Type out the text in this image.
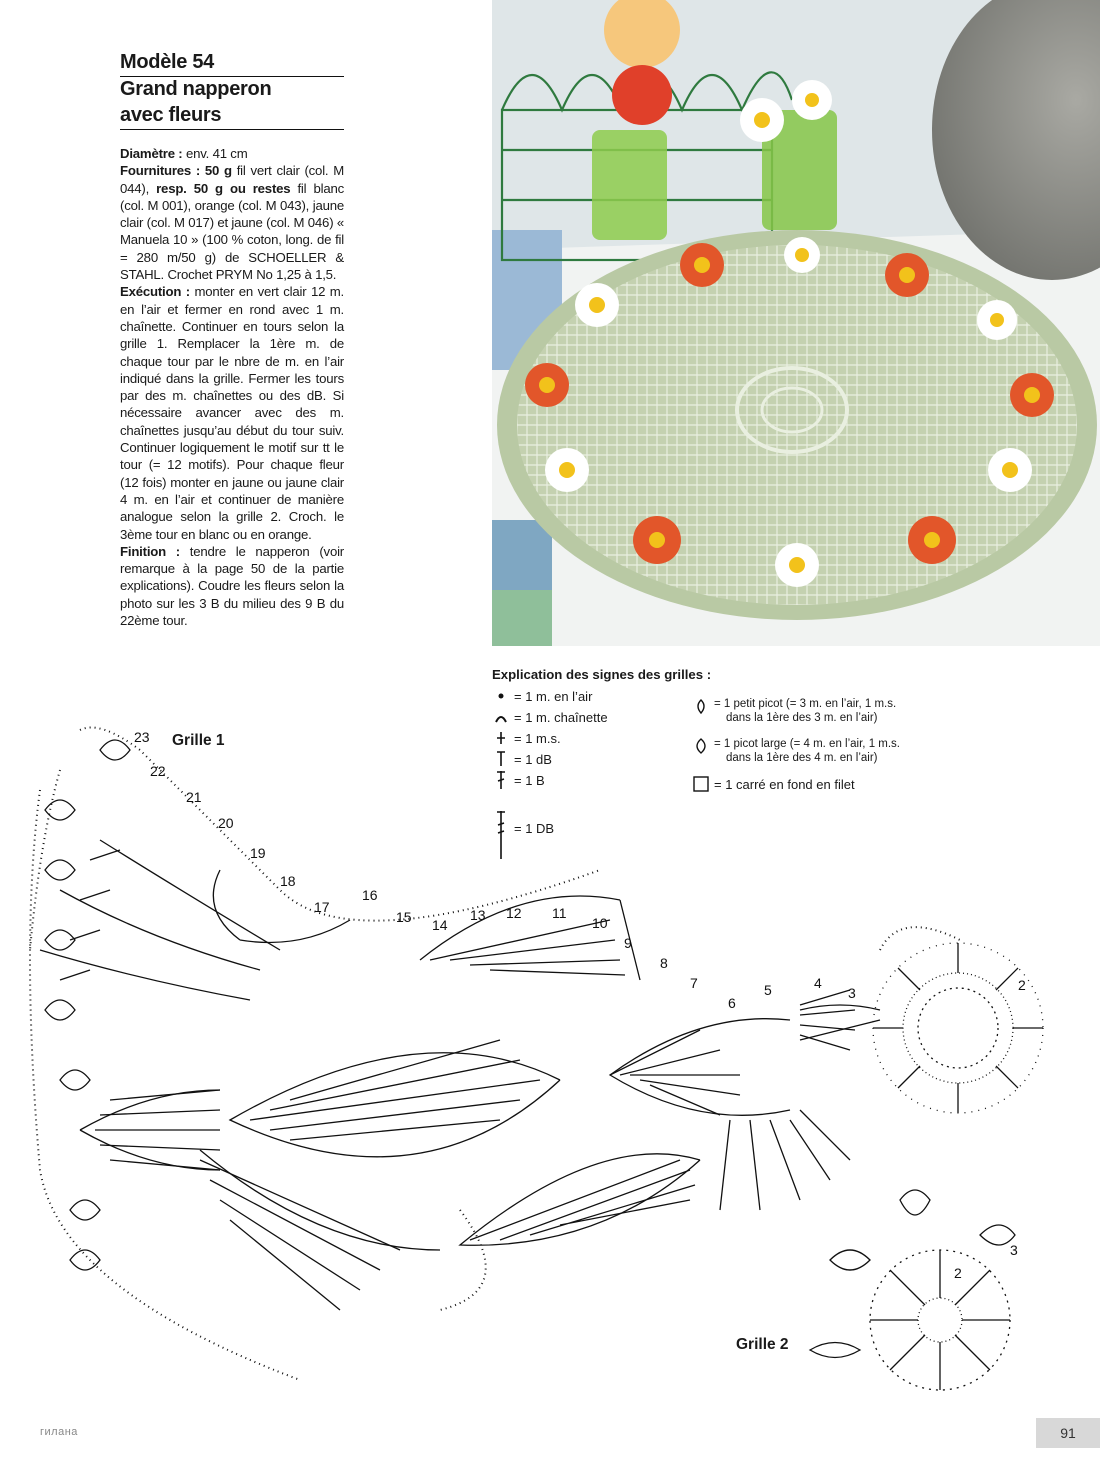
Modèle 54
Grand napperon
avec fleurs

Diamètre : env. 41 cm

Fournitures : 50 g fil vert clair (col. M 044), resp. 50 g ou restes fil blanc (col. M 001), orange (col. M 043), jaune clair (col. M 017) et jaune (col. M 046) « Manuela 10 » (100 % coton, long. de fil = 280 m/50 g) de SCHOELLER & STAHL. Crochet PRYM No 1,25 à 1,5.

Exécution : monter en vert clair 12 m. en l’air et fermer en rond avec 1 m. chaînette. Continuer en tours selon la grille 1. Remplacer la 1ère m. de chaque tour par le nbre de m. en l’air indiqué dans la grille. Fermer les tours par des m. chaînettes ou des dB. Si nécessaire avancer avec des m. chaînettes jusqu’au début du tour suiv. Continuer logiquement le motif sur tt le tour (= 12 motifs). Pour chaque fleur (12 fois) monter en jaune ou jaune clair 4 m. en l’air et continuer de manière analogue selon la grille 2. Croch. le 3ème tour en blanc ou en orange.

Finition : tendre le napperon (voir remarque à la page 50 de la partie explications). Coudre les fleurs selon la photo sur les 3 B du milieu des 9 B du 22ème tour.

Explication des signes des grilles :
= 1 m. en l’air
= 1 m. chaînette
= 1 m.s.
= 1 dB
= 1 B
= 1 DB
= 1 petit picot (= 3 m. en l’air, 1 m.s.
dans la 1ère des 3 m. en l’air)
= 1 picot large (= 4 m. en l’air, 1 m.s.
dans la 1ère des 4 m. en l’air)
= 1 carré en fond en filet
2
3
4
5
6
7
8
9
10
11
12
13
14
15
16
17
18
19
20
21
22
23
2
3
Grille 1
Grille 2
гилана	91
